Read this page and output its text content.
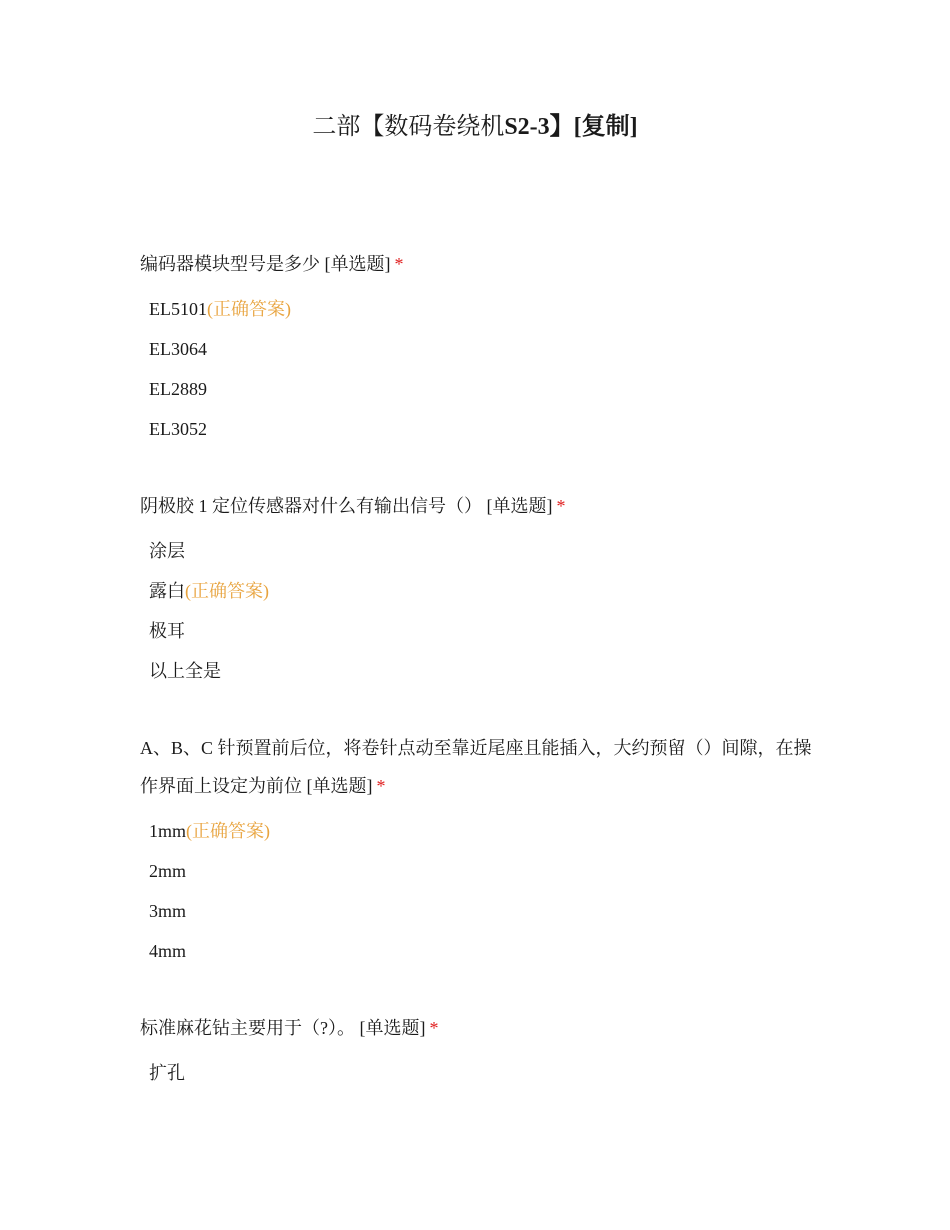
二部【数码卷绕机S2-3】[复制]
编码器模块型号是多少 [单选题] *
EL5101(正确答案)
EL3064
EL2889
EL3052
阴极胶 1 定位传感器对什么有输出信号（） [单选题] *
涂层
露白(正确答案)
极耳
以上全是
A、B、C 针预置前后位，将卷针点动至靠近尾座且能插入，大约预留（）间隙，在操作界面上设定为前位 [单选题] *
1mm(正确答案)
2mm
3mm
4mm
标准麻花钻主要用于（?）。 [单选题] *
扩孔
